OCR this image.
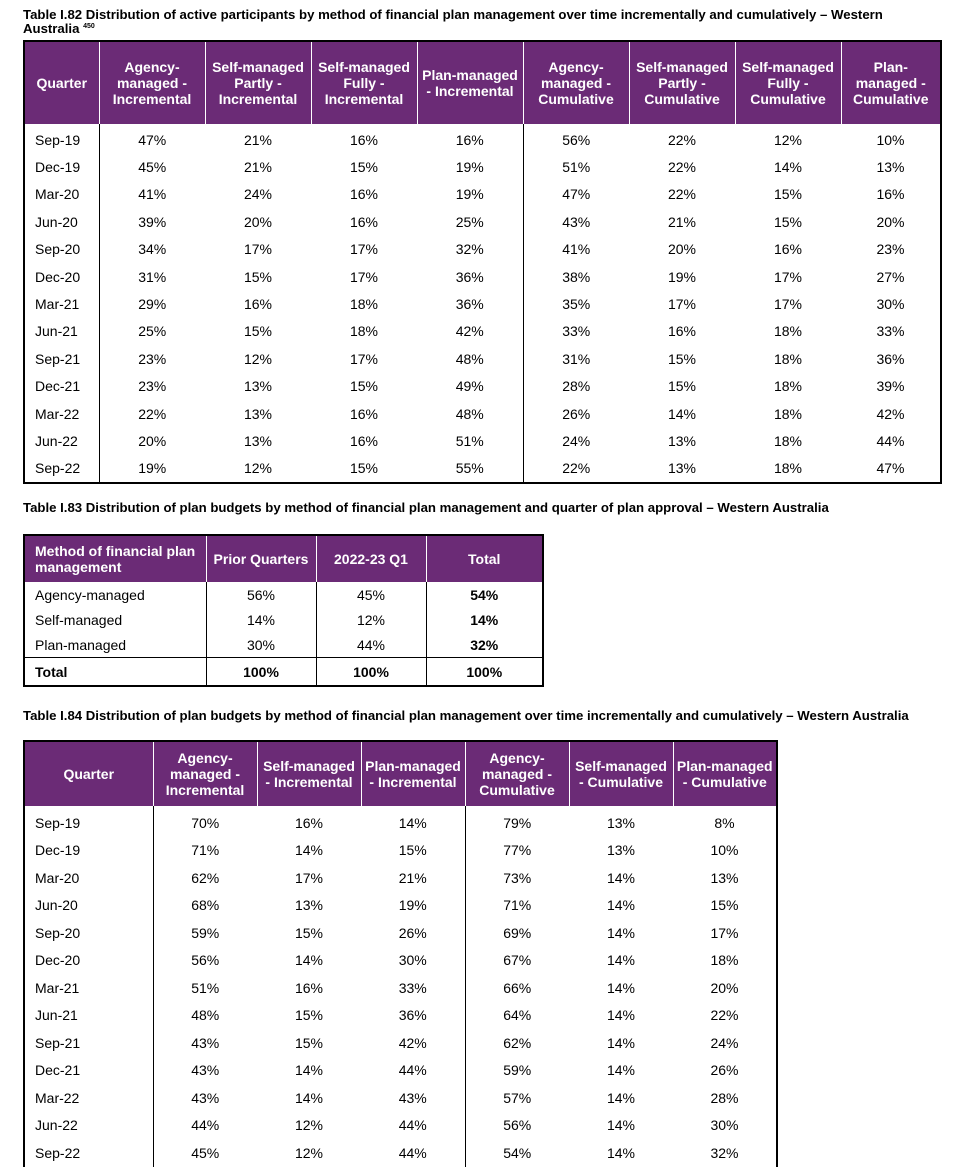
Table I.82 Distribution of active participants by method of financial plan management over time incrementally and cumulatively – Western Australia $^{450}$
Quarter	Agency-managed - Incremental	Self-managed Partly - Incremental	Self-managed Fully - Incremental	Plan-managed - Incremental	Agency-managed - Cumulative	Self-managed Partly - Cumulative	Self-managed Fully - Cumulative	Plan-managed - Cumulative
Sep-19	47%	21%	16%	16%	56%	22%	12%	10%
Dec-19	45%	21%	15%	19%	51%	22%	14%	13%
Mar-20	41%	24%	16%	19%	47%	22%	15%	16%
Jun-20	39%	20%	16%	25%	43%	21%	15%	20%
Sep-20	34%	17%	17%	32%	41%	20%	16%	23%
Dec-20	31%	15%	17%	36%	38%	19%	17%	27%
Mar-21	29%	16%	18%	36%	35%	17%	17%	30%
Jun-21	25%	15%	18%	42%	33%	16%	18%	33%
Sep-21	23%	12%	17%	48%	31%	15%	18%	36%
Dec-21	23%	13%	15%	49%	28%	15%	18%	39%
Mar-22	22%	13%	16%	48%	26%	14%	18%	42%
Jun-22	20%	13%	16%	51%	24%	13%	18%	44%
Sep-22	19%	12%	15%	55%	22%	13%	18%	47%
Table I.83 Distribution of plan budgets by method of financial plan management and quarter of plan approval – Western Australia
Method of financial plan management	Prior Quarters	2022-23 Q1	Total
Agency-managed	56%	45%	54%
Self-managed	14%	12%	14%
Plan-managed	30%	44%	32%
Total	100%	100%	100%
Table I.84 Distribution of plan budgets by method of financial plan management over time incrementally and cumulatively – Western Australia
Quarter	Agency-managed - Incremental	Self-managed - Incremental	Plan-managed - Incremental	Agency-managed - Cumulative	Self-managed - Cumulative	Plan-managed - Cumulative
Sep-19	70%	16%	14%	79%	13%	8%
Dec-19	71%	14%	15%	77%	13%	10%
Mar-20	62%	17%	21%	73%	14%	13%
Jun-20	68%	13%	19%	71%	14%	15%
Sep-20	59%	15%	26%	69%	14%	17%
Dec-20	56%	14%	30%	67%	14%	18%
Mar-21	51%	16%	33%	66%	14%	20%
Jun-21	48%	15%	36%	64%	14%	22%
Sep-21	43%	15%	42%	62%	14%	24%
Dec-21	43%	14%	44%	59%	14%	26%
Mar-22	43%	14%	43%	57%	14%	28%
Jun-22	44%	12%	44%	56%	14%	30%
Sep-22	45%	12%	44%	54%	14%	32%
